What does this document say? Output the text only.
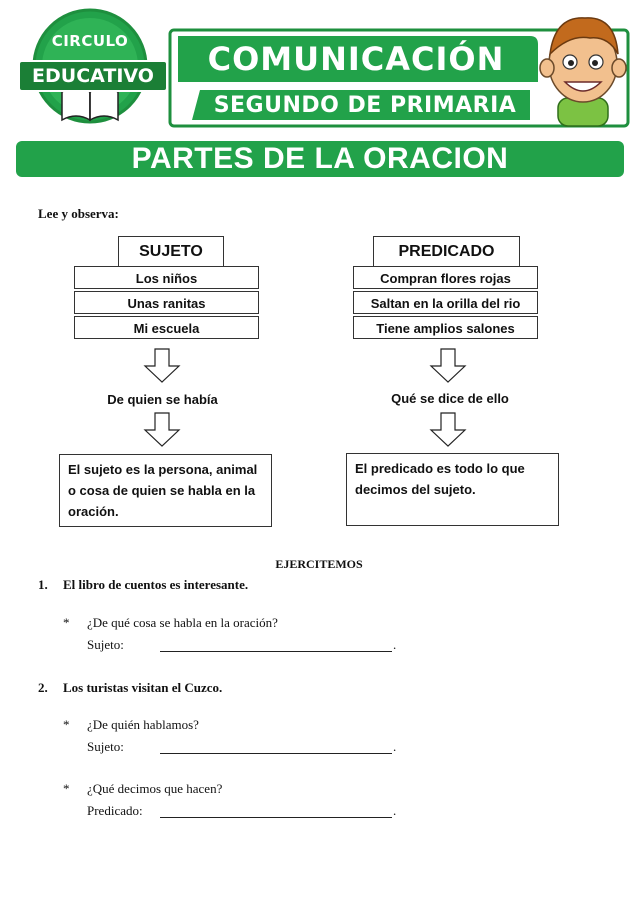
CIRCULO
EDUCATIVO	COMUNICACIÓN
SEGUNDO DE PRIMARIA
PARTES DE LA ORACION
Lee y observa:
SUJETO
Los niños
Unas ranitas
Mi escuela
De quien se había
El sujeto es la persona, animal o cosa de quien se habla en la oración.
PREDICADO
Compran flores rojas
Saltan en la orilla del rio
Tiene amplios salones
Qué se dice de ello
El predicado es todo lo que decimos del sujeto.
EJERCITEMOS
1. El libro de cuentos es interesante.
* ¿De qué cosa se habla en la oración?
Sujeto:	.
2. Los turistas visitan el Cuzco.
* ¿De quién hablamos?
Sujeto:	.
* ¿Qué decimos que hacen?
Predicado:	.
